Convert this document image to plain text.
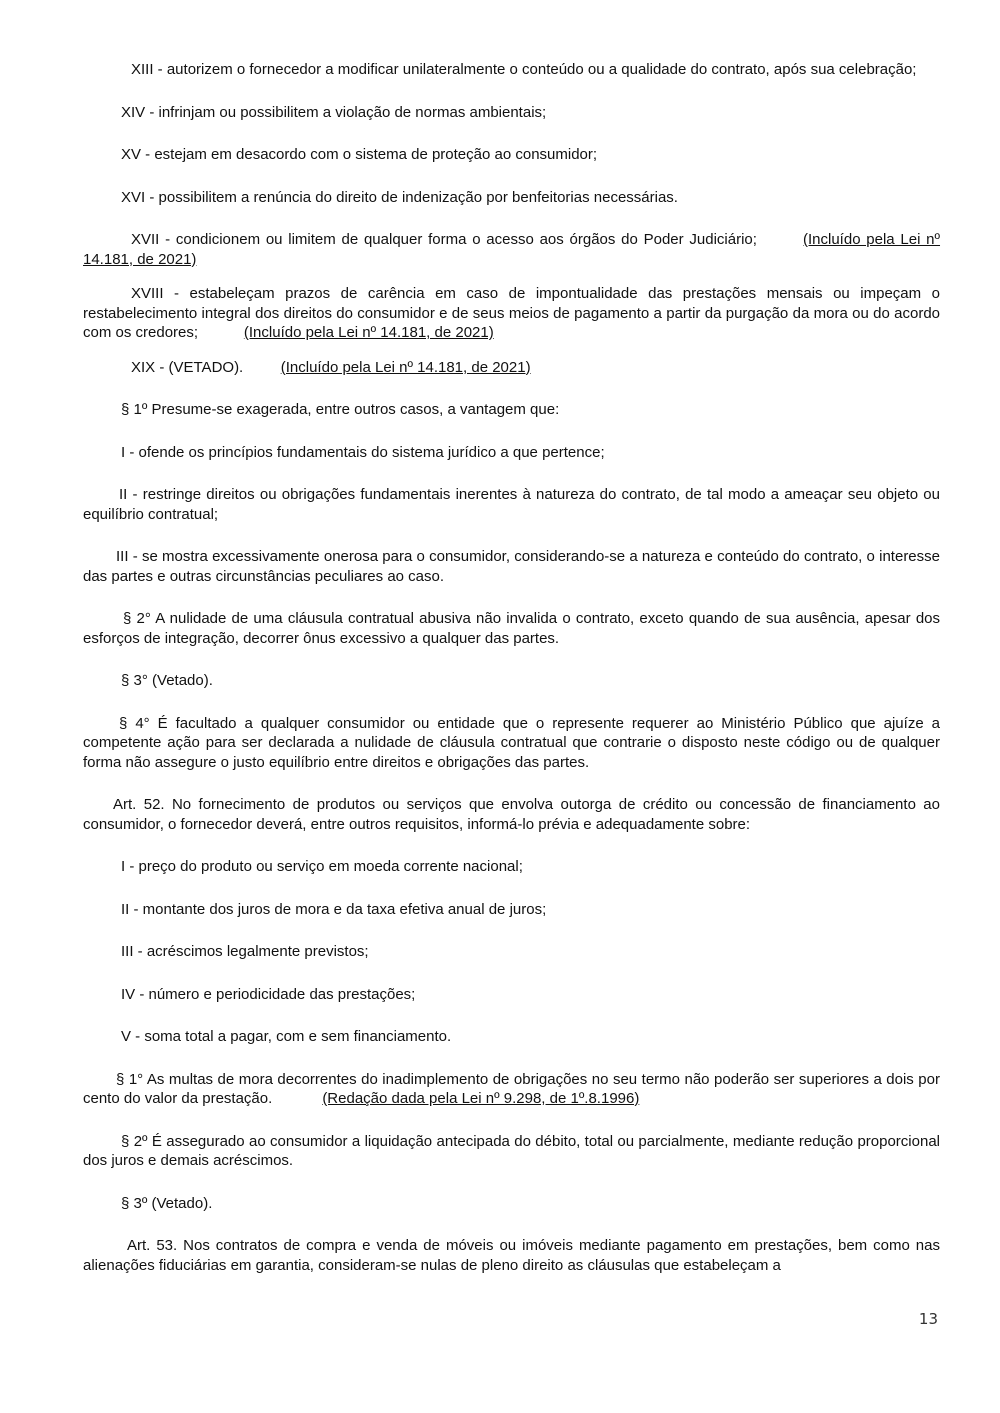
XIII - autorizem o fornecedor a modificar unilateralmente o conteúdo ou a qualidade do contrato, após sua celebração;

XIV - infrinjam ou possibilitem a violação de normas ambientais;

XV - estejam em desacordo com o sistema de proteção ao consumidor;

XVI - possibilitem a renúncia do direito de indenização por benfeitorias necessárias.

XVII - condicionem ou limitem de qualquer forma o acesso aos órgãos do Poder Judiciário;	(Incluído pela Lei nº 14.181, de 2021)

XVIII - estabeleçam prazos de carência em caso de impontualidade das prestações mensais ou impeçam o restabelecimento integral dos direitos do consumidor e de seus meios de pagamento a partir da purgação da mora ou do acordo com os credores;	(Incluído pela Lei nº 14.181, de 2021)

XIX - (VETADO).	(Incluído pela Lei nº 14.181, de 2021)

§ 1º Presume-se exagerada, entre outros casos, a vantagem que:

I - ofende os princípios fundamentais do sistema jurídico a que pertence;

II - restringe direitos ou obrigações fundamentais inerentes à natureza do contrato, de tal modo a ameaçar seu objeto ou equilíbrio contratual;

III - se mostra excessivamente onerosa para o consumidor, considerando-se a natureza e conteúdo do contrato, o interesse das partes e outras circunstâncias peculiares ao caso.

§ 2° A nulidade de uma cláusula contratual abusiva não invalida o contrato, exceto quando de sua ausência, apesar dos esforços de integração, decorrer ônus excessivo a qualquer das partes.

§ 3° (Vetado).

§ 4° É facultado a qualquer consumidor ou entidade que o represente requerer ao Ministério Público que ajuíze a competente ação para ser declarada a nulidade de cláusula contratual que contrarie o disposto neste código ou de qualquer forma não assegure o justo equilíbrio entre direitos e obrigações das partes.

Art. 52. No fornecimento de produtos ou serviços que envolva outorga de crédito ou concessão de financiamento ao consumidor, o fornecedor deverá, entre outros requisitos, informá-lo prévia e adequadamente sobre:

I - preço do produto ou serviço em moeda corrente nacional;

II - montante dos juros de mora e da taxa efetiva anual de juros;

III - acréscimos legalmente previstos;

IV - número e periodicidade das prestações;

V - soma total a pagar, com e sem financiamento.

§ 1° As multas de mora decorrentes do inadimplemento de obrigações no seu termo não poderão ser superiores a dois por cento do valor da prestação.	(Redação dada pela Lei nº 9.298, de 1º.8.1996)

§ 2º É assegurado ao consumidor a liquidação antecipada do débito, total ou parcialmente, mediante redução proporcional dos juros e demais acréscimos.

§ 3º (Vetado).

Art. 53. Nos contratos de compra e venda de móveis ou imóveis mediante pagamento em prestações, bem como nas alienações fiduciárias em garantia, consideram-se nulas de pleno direito as cláusulas que estabeleçam a

13
